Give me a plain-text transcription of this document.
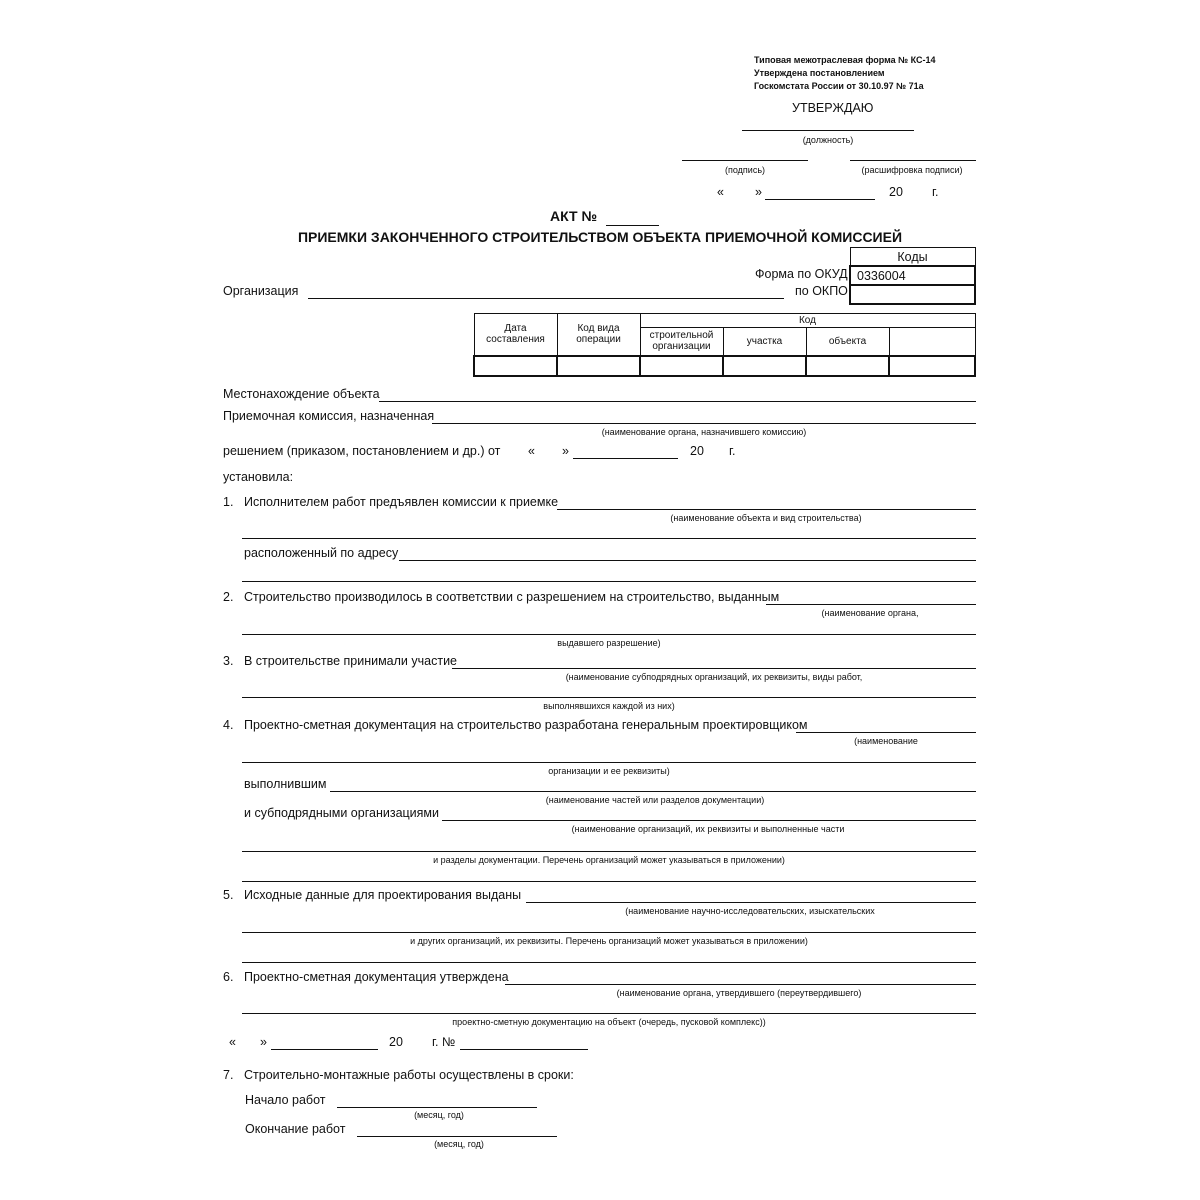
Типовая межотраслевая форма № КС-14
Утверждена постановлением
Госкомстата России от 30.10.97 № 71а
УТВЕРЖДАЮ
(должность)
(подпись)	(расшифровка подписи)
« »	20 г.
АКТ №
ПРИЕМКИ ЗАКОНЧЕННОГО СТРОИТЕЛЬСТВОМ ОБЪЕКТА ПРИЕМОЧНОЙ КОМИССИЕЙ
Коды
0336004

Форма по ОКУД
по ОКПО
Организация
Дата составления	Код вида операции	Код			
		строительной организации	участка	объекта	

Местонахождение объекта
Приемочная комиссия, назначенная
(наименование органа, назначившего комиссию)
решением (приказом, постановлением и др.) от « »	20 г.
установила:
1. Исполнителем работ предъявлен комиссии к приемке
(наименование объекта и вид строительства)
расположенный по адресу
2. Строительство производилось в соответствии с разрешением на строительство, выданным
(наименование органа,
выдавшего разрешение)
3. В строительстве принимали участие
(наименование субподрядных организаций, их реквизиты, виды работ,
выполнявшихся каждой из них)
4. Проектно-сметная документация на строительство разработана генеральным проектировщиком
(наименование
организации и ее реквизиты)
выполнившим
(наименование частей или разделов документации)
и субподрядными организациями
(наименование организаций, их реквизиты и выполненные части
и разделы документации. Перечень организаций может указываться в приложении)
5. Исходные данные для проектирования выданы
(наименование научно-исследовательских, изыскательских
и других организаций, их реквизиты. Перечень организаций может указываться в приложении)
6. Проектно-сметная документация утверждена
(наименование органа, утвердившего (переутвердившего)
проектно-сметную документацию на объект (очередь, пусковой комплекс))
« »	20 г. №
7. Строительно-монтажные работы осуществлены в сроки:
Начало работ
(месяц, год)
Окончание работ
(месяц, год)
